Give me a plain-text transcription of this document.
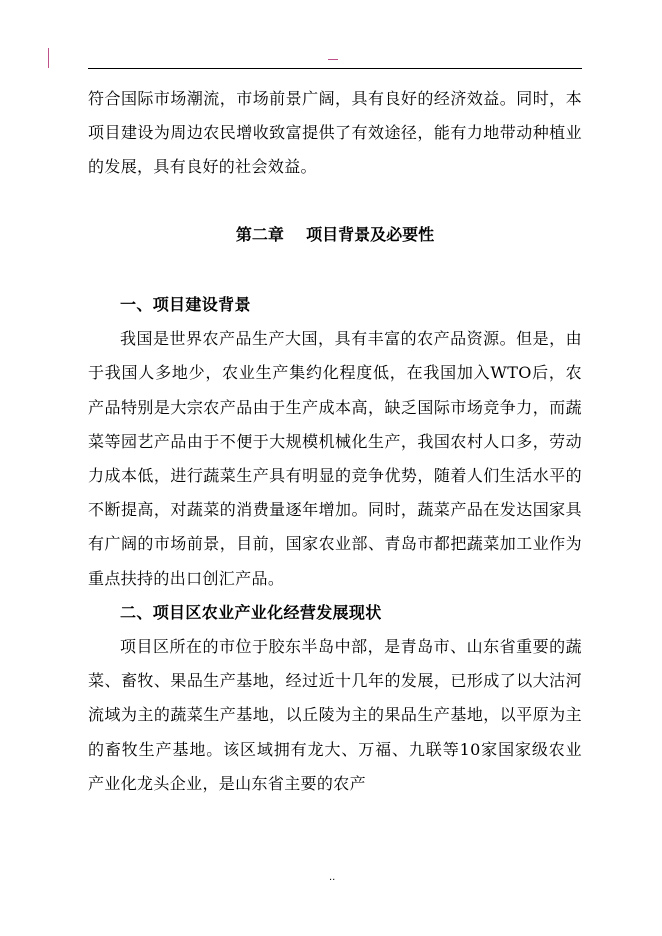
符合国际市场潮流，市场前景广阔，具有良好的经济效益。同时，本项目建设为周边农民增收致富提供了有效途径，能有力地带动种植业的发展，具有良好的社会效益。

第二章    项目背景及必要性

一、项目建设背景

我国是世界农产品生产大国，具有丰富的农产品资源。但是，由于我国人多地少，农业生产集约化程度低，在我国加入WTO后，农产品特别是大宗农产品由于生产成本高，缺乏国际市场竞争力，而蔬菜等园艺产品由于不便于大规模机械化生产，我国农村人口多，劳动力成本低，进行蔬菜生产具有明显的竞争优势，随着人们生活水平的不断提高，对蔬菜的消费量逐年增加。同时，蔬菜产品在发达国家具有广阔的市场前景，目前，国家农业部、青岛市都把蔬菜加工业作为重点扶持的出口创汇产品。

二、项目区农业产业化经营发展现状

项目区所在的市位于胶东半岛中部，是青岛市、山东省重要的蔬菜、畜牧、果品生产基地，经过近十几年的发展，已形成了以大沽河流域为主的蔬菜生产基地，以丘陵为主的果品生产基地，以平原为主的畜牧生产基地。该区域拥有龙大、万福、九联等10家国家级农业产业化龙头企业，是山东省主要的农产

..
